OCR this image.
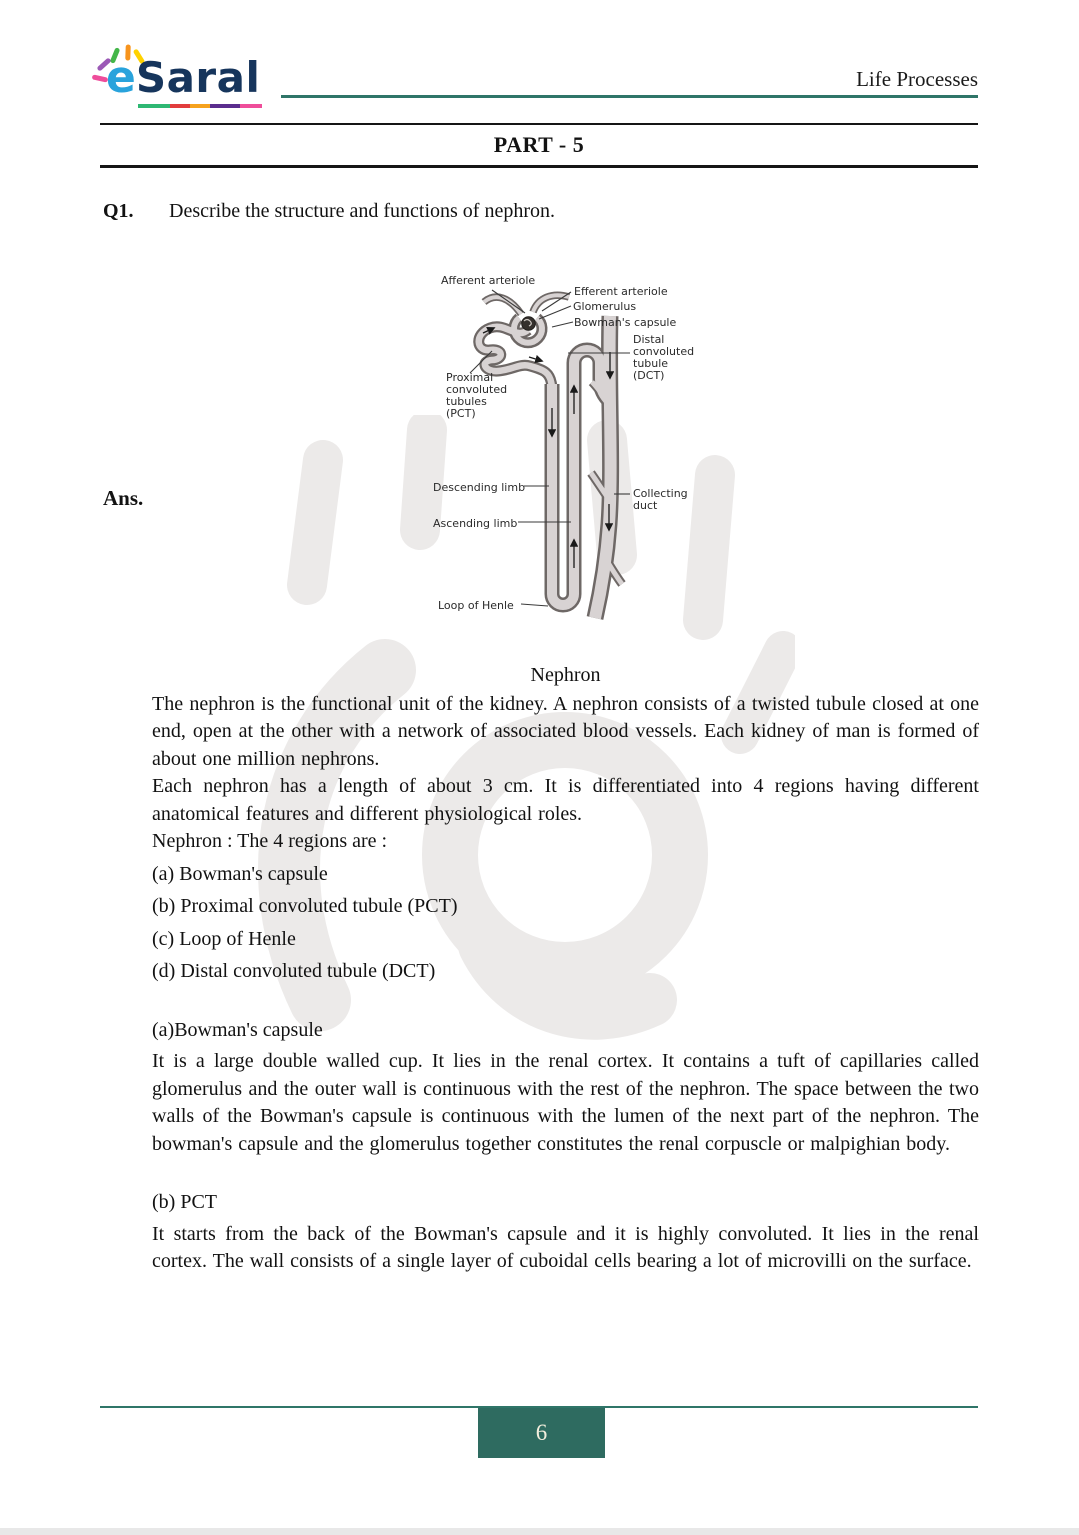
eSaral	Life Processes
PART - 5
Q1. Describe the structure and functions of nephron.
Ans.
Afferent arteriole
Efferent arteriole
Glomerulus
Bowman's capsule
Distal
convoluted
tubule
(DCT)
Proximal
convoluted
tubules
(PCT)
Descending limb
Ascending limb
Collecting
duct
Loop of Henle
Nephron

The nephron is the functional unit of the kidney. A nephron consists of a twisted tubule closed at one end, open at the other with a network of associated blood vessels. Each kidney of man is formed of about one million nephrons.

Each nephron has a length of about 3 cm. It is differentiated into 4 regions having different anatomical features and different physiological roles.

Nephron : The 4 regions are :
(a) Bowman's capsule
(b) Proximal convoluted tubule (PCT)
(c) Loop of Henle
(d) Distal convoluted tubule (DCT)
(a)Bowman's capsule

It is a large double walled cup. It lies in the renal cortex. It contains a tuft of capillaries called glomerulus and the outer wall is continuous with the rest of the nephron. The space between the two walls of the Bowman's capsule is continuous with the lumen of the next part of the nephron. The bowman's capsule and the glomerulus together constitutes the renal corpuscle or malpighian body.

(b) PCT

It starts from the back of the Bowman's capsule and it is highly convoluted. It lies in the renal cortex. The wall consists of a single layer of cuboidal cells bearing a lot of microvilli on the surface.

6
